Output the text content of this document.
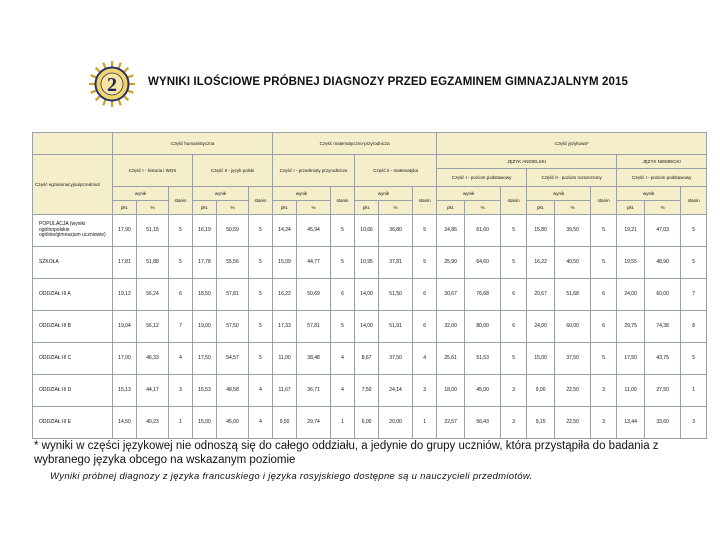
2	WYNIKI ILOŚCIOWE PRÓBNEJ DIAGNOZY PRZED EGZAMINEM GIMNAZJALNYM 2015
	Część humanistyczna						Część matematyczno-przyrodnicza						Część językowa*								
Część egzaminacyjna/przedmiot	Część I - historia i WOS			Część II - język polski			Część I - przedmioty przyrodnicze			Część II - matematyka			JĘZYK ANGIELSKI						JĘZYK NIEMIECKI		
													Część I - poziom podstawowy			Część II - poziom rozszerzony			Część I - poziom podstawowy		
	wynik		stanin	wynik		stanin	wynik		stanin	wynik		stanin	wynik		stanin	wynik		stanin	wynik		stanin
	pkt.	%		pkt.	%		pkt.	%		pkt.	%		pkt.	%		pkt.	%		pkt.	%	
POPULACJA (wyniki ogólnopolskie ogólnie/gimnazjum uczniowie)	17,90	51,15	5	16,19	50,59	5	14,24	45,94	5	10,66	36,80	5	24,86	61,60	5	15,80	39,50	5	19,21	47,03	5
SZKOŁA	17,81	51,88	5	17,78	55,56	5	15,09	44,77	5	10,95	37,81	5	25,90	64,60	5	16,22	40,50	5	19,55	48,90	5
ODDZIAŁ III A	19,12	56,24	6	18,50	57,81	5	16,22	50,69	6	14,00	51,50	6	30,67	76,68	6	20,67	51,68	6	24,00	60,00	7
ODDZIAŁ III B	19,04	56,12	7	19,00	57,50	5	17,33	57,81	5	14,00	51,91	6	32,00	80,00	6	24,00	60,00	6	29,75	74,38	8
ODDZIAŁ III C	17,00	46,33	4	17,50	54,57	5	11,00	38,48	4	8,67	37,50	4	25,61	51,53	5	15,00	37,50	5	17,50	43,75	5
ODDZIAŁ III D	15,13	44,17	3	16,53	48,58	4	11,67	36,71	4	7,50	24,14	3	18,00	45,00	3	9,00	22,50	3	11,00	27,50	1
ODDZIAŁ III E	14,50	40,23	1	15,00	45,00	4	9,50	29,74	1	6,00	20,00	1	22,57	56,43	3	9,15	22,50	3	13,44	33,60	3
* wyniki w części językowej nie odnoszą się do całego oddziału, a jedynie do grupy uczniów, która przystąpiła do badania z wybranego języka obcego na wskazanym poziomie
Wyniki próbnej diagnozy z języka francuskiego i języka rosyjskiego dostępne są u nauczycieli przedmiotów.
